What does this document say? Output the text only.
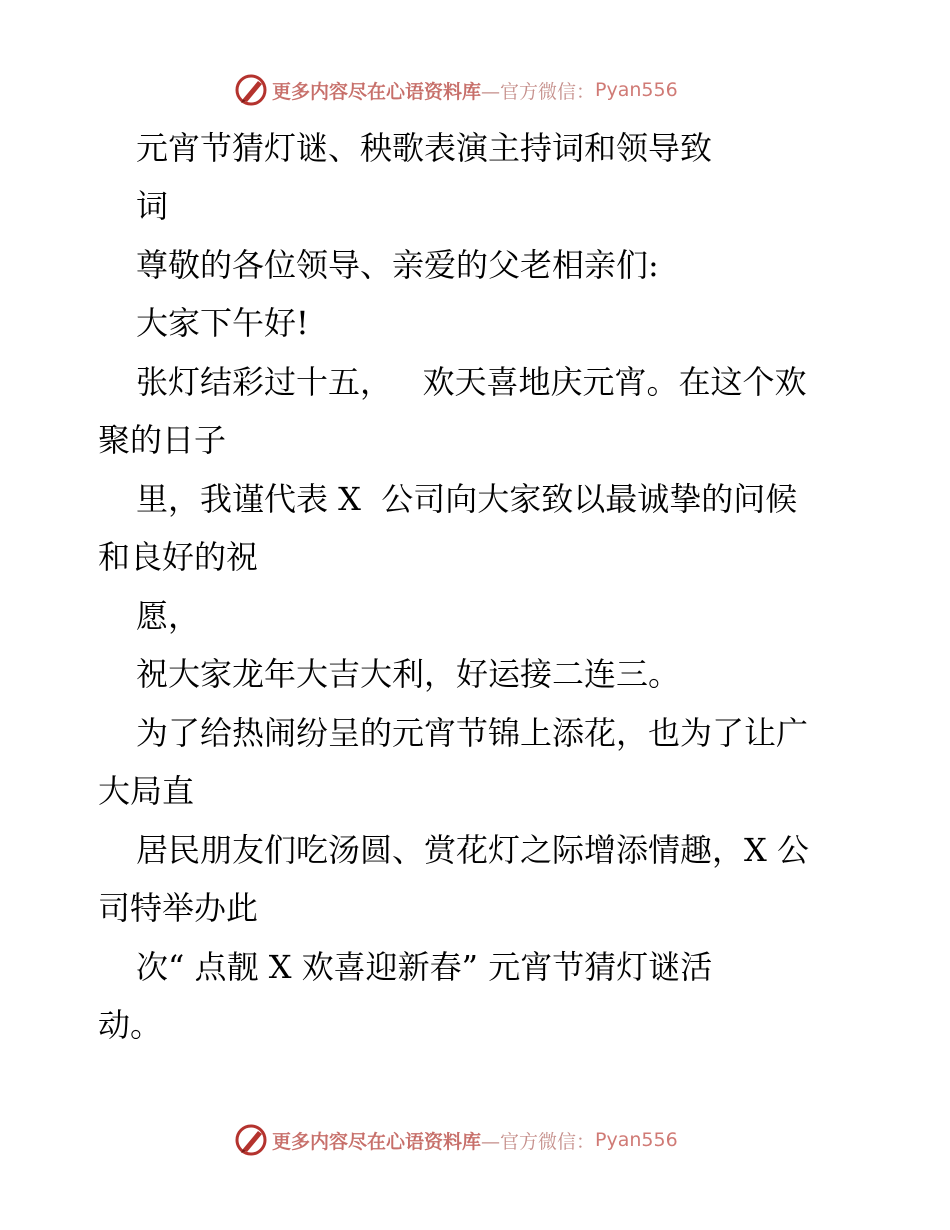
更多内容尽在心语资料库 —官方微信： Pyan556
元宵节猜灯谜、秧歌表演主持词和领导致
词
尊敬的各位领导、亲爱的父老相亲们:
大家下午好!
张灯结彩过十五，   欢天喜地庆元宵。在这个欢
聚的日子
里，我谨代表 X  公司向大家致以最诚挚的问候
和良好的祝
愿，
祝大家龙年大吉大利，好运接二连三。
为了给热闹纷呈的元宵节锦上添花，也为了让广
大局直
居民朋友们吃汤圆、赏花灯之际增添情趣，X 公
司特举办此
次“ 点靓 X 欢喜迎新春” 元宵节猜灯谜活
动。
更多内容尽在心语资料库 —官方微信： Pyan556
